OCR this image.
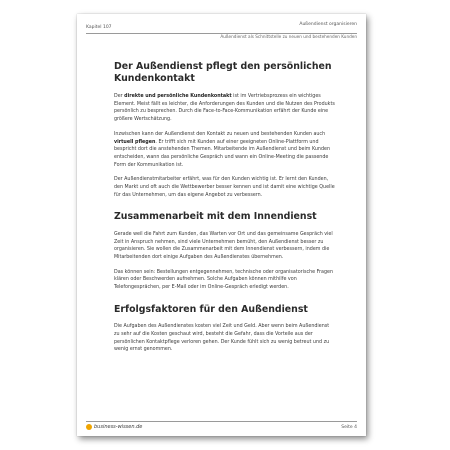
Kapitel 107
Außendienst organisieren
Außendienst als Schnittstelle zu neuen und bestehenden Kunden
Der Außendienst pflegt den persönlichen Kundenkontakt

Der direkte und persönliche Kundenkontakt ist im Vertriebsprozess ein wichtiges Element. Meist fällt es leichter, die Anforderungen des Kunden und die Nutzen des Produkts persönlich zu besprechen. Durch die Face-to-Face-Kommunikation erfährt der Kunde eine größere Wertschätzung.

Inzwischen kann der Außendienst den Kontakt zu neuen und bestehenden Kunden auch virtuell pflegen. Er trifft sich mit Kunden auf einer geeigneten Online-Plattform und bespricht dort die anstehenden Themen. Mitarbeitende im Außendienst und beim Kunden entscheiden, wann das persönliche Gespräch und wann ein Online-Meeting die passende Form der Kommunikation ist.

Der Außendienstmitarbeiter erfährt, was für den Kunden wichtig ist. Er lernt den Kunden, den Markt und oft auch die Wettbewerber besser kennen und ist damit eine wichtige Quelle für das Unternehmen, um das eigene Angebot zu verbessern.

Zusammenarbeit mit dem Innendienst

Gerade weil die Fahrt zum Kunden, das Warten vor Ort und das gemeinsame Gespräch viel Zeit in Anspruch nehmen, sind viele Unternehmen bemüht, den Außendienst besser zu organisieren. Sie wollen die Zusammenarbeit mit dem Innendienst verbessern, indem die Mitarbeitenden dort einige Aufgaben des Außendienstes übernehmen.

Das können sein: Bestellungen entgegennehmen, technische oder organisatorische Fragen klären oder Beschwerden aufnehmen. Solche Aufgaben können mithilfe von Telefongesprächen, per E-Mail oder im Online-Gespräch erledigt werden.

Erfolgsfaktoren für den Außendienst

Die Aufgaben des Außendienstes kosten viel Zeit und Geld. Aber wenn beim Außendienst zu sehr auf die Kosten geschaut wird, besteht die Gefahr, dass die Vorteile aus der persönlichen Kontaktpflege verloren gehen. Der Kunde fühlt sich zu wenig betreut und zu wenig ernst genommen.

business-wissen.de	Seite 4
